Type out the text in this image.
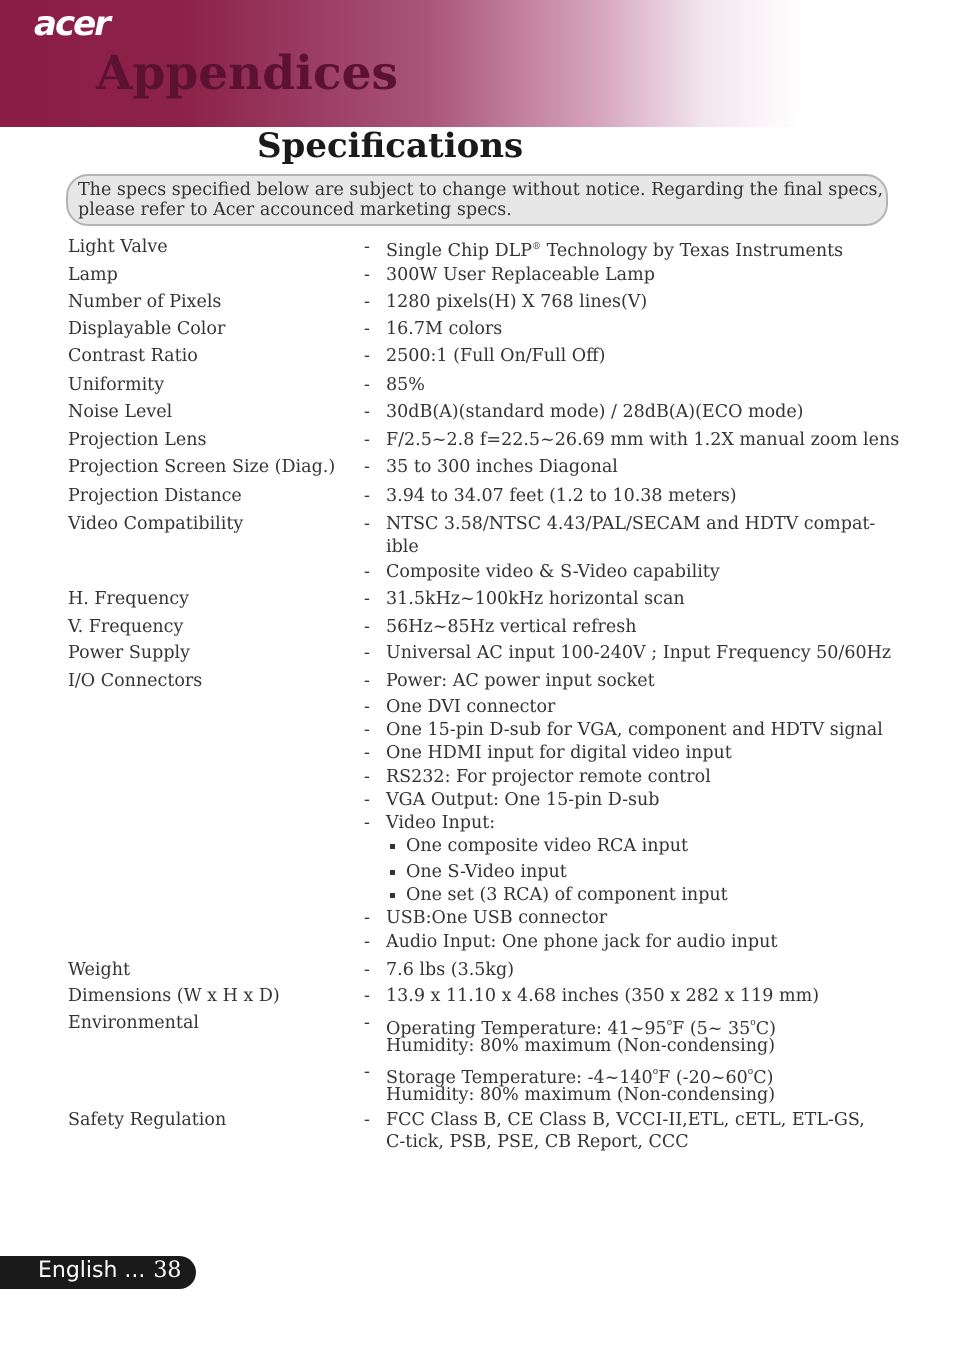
acer
Appendices
Specifications
The specs specified below are subject to change without notice. Regarding the final specs,
please refer to Acer accounced marketing specs.
Light Valve	- Single Chip DLP® Technology by Texas Instruments
Lamp	- 300W User Replaceable Lamp
Number of Pixels	- 1280 pixels(H) X 768 lines(V)
Displayable Color	- 16.7M colors
Contrast Ratio	- 2500:1 (Full On/Full Off)
Uniformity	- 85%
Noise Level	- 30dB(A)(standard mode) / 28dB(A)(ECO mode)
Projection Lens	- F/2.5~2.8 f=22.5~26.69 mm with 1.2X manual zoom lens
Projection Screen Size (Diag.) - 35 to 300 inches Diagonal
Projection Distance	- 3.94 to 34.07 feet (1.2 to 10.38 meters)
Video Compatibility	- NTSC 3.58/NTSC 4.43/PAL/SECAM and HDTV compat-
ible
- Composite video & S-Video capability
H. Frequency	- 31.5kHz~100kHz horizontal scan
V. Frequency	- 56Hz~85Hz vertical refresh
Power Supply	- Universal AC input 100-240V ; Input Frequency 50/60Hz
I/O Connectors	- Power: AC power input socket
- One DVI connector
- One 15-pin D-sub for VGA, component and HDTV signal
- One HDMI input for digital video input
- RS232: For projector remote control
- VGA Output: One 15-pin D-sub
- Video Input:
One composite video RCA input
One S-Video input
One set (3 RCA) of component input
- USB:One USB connector
- Audio Input: One phone jack for audio input
Weight	- 7.6 lbs (3.5kg)
Dimensions (W x H x D)	- 13.9 x 11.10 x 4.68 inches (350 x 282 x 119 mm)
Environmental	- Operating Temperature: 41~95$^o$F (5~ 35$^o$C)
Humidity: 80% maximum (Non-condensing)
- Storage Temperature: -4~140$^o$F (-20~60$^o$C)
Humidity: 80% maximum (Non-condensing)
Safety Regulation	- FCC Class B, CE Class B, VCCI-II,ETL, cETL, ETL-GS,
C-tick, PSB, PSE, CB Report, CCC
English ... 38
